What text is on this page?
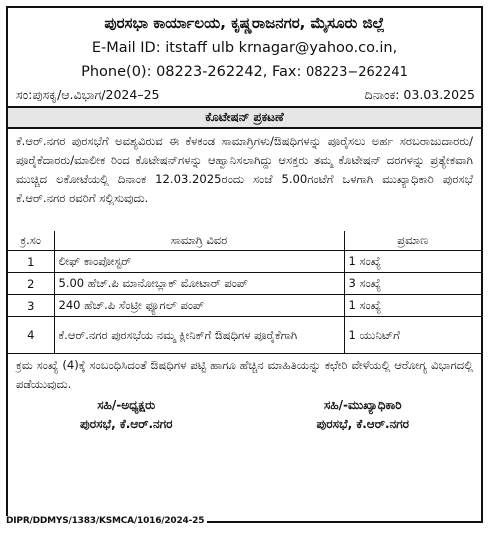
ಪುರಸಭಾ ಕಾರ್ಯಾಲಯ, ಕೃಷ್ಣರಾಜನಗರ, ಮೈಸೂರು ಜಿಲ್ಲೆ
E-Mail ID: itstaff ulb krnagar@yahoo.co.in,
Phone(0): 08223-262242, Fax: 08223−262241
ಸಂ:ಪುಸಕೃ/ಆ.ವಿಭಾಗ/2024–25	ದಿನಾಂಕ: 03.03.2025
ಕೊಟೇಷನ್ ಪ್ರಕಟಣೆ
ಕೆ.ಆರ್.ನಗರ ಪುರಸಭೆಗೆ ಅವಶ್ಯವಿರುವ ಈ ಕೆಳಕಂಡ ಸಾಮಾಗ್ರಿಗಳು/ಔಷಧಿಗಳನ್ನು ಪೂರೈಸಲು ಅರ್ಹ ಸರಬರಾಜುದಾರರು/ಪೂರೈಕೆದಾರರು/ಮಾಲೀಕ ರಿಂದ ಕೊಟೇಷನ್‌ಗಳನ್ನು ಆಹ್ವಾನಿಸಲಾಗಿದ್ದು ಆಸಕ್ತರು ತಮ್ಮ ಕೊಟೇಷನ್ ದರಗಳನ್ನು ಪ್ರತ್ಯೇಕವಾಗಿ ಮುಚ್ಚಿದ ಲಕೋಟೆಯಲ್ಲಿ ದಿನಾಂಕ 12.03.2025ರಂದು ಸಂಜೆ 5.00ಗಂಟೆಗೆ ಒಳಗಾಗಿ ಮುಖ್ಯಾಧಿಕಾರಿ ಪುರಸಭೆ ಕೆ.ಆರ್.ನಗರ ರವರಿಗೆ ಸಲ್ಲಿಸುವುದು.
ಕ್ರ.ಸಂ	ಸಾಮಾಗ್ರಿ ವಿವರ	ಪ್ರಮಾಣ
1	ಲೀಫ್ ಕಾಂಪೋಸ್ಟರ್	1 ಸಂಖ್ಯೆ
2	5.00 ಹೆಚ್.ಪಿ ಮಾನೋಬ್ಲಾಕ್ ಮೋಟಾರ್ ಪಂಪ್	3 ಸಂಖ್ಯೆ
3	240 ಹೆಚ್.ಪಿ ಸೆಂಟ್ರೀ ಫ್ಯೂಗಲ್ ಪಂಪ್	1 ಸಂಖ್ಯೆ
4	ಕೆ.ಆರ್.ನಗರ ಪುರಸಭೆಯ ನಮ್ಮ ಕ್ಲೀನಿಕ್‌ಗೆ ಔಷಧಿಗಳ ಪೂರೈಕೆಗಾಗಿ	1 ಯುನಿಟ್‌ಗೆ
ಕ್ರಮ ಸಂಖ್ಯೆ (4)ಕ್ಕೆ ಸಂಬಂಧಿಸಿದಂತೆ ಔಷಧಿಗಳ ಪಟ್ಟಿ ಹಾಗೂ ಹೆಚ್ಚಿನ ಮಾಹಿತಿಯನ್ನು ಕಛೇರಿ ವೇಳೆಯಲ್ಲಿ ಆರೋಗ್ಯ ವಿಭಾಗದಲ್ಲಿ ಪಡೆಯುವುದು.
ಸಹಿ/-ಅಧ್ಯಕ್ಷರು
ಪುರಸಭೆ, ಕೆ.ಆರ್.ನಗರ
ಸಹಿ/-ಮುಖ್ಯಾಧಿಕಾರಿ
ಪುರಸಭೆ, ಕೆ.ಆರ್.ನಗರ
DIPR/DDMYS/1383/KSMCA/1016/2024-25
